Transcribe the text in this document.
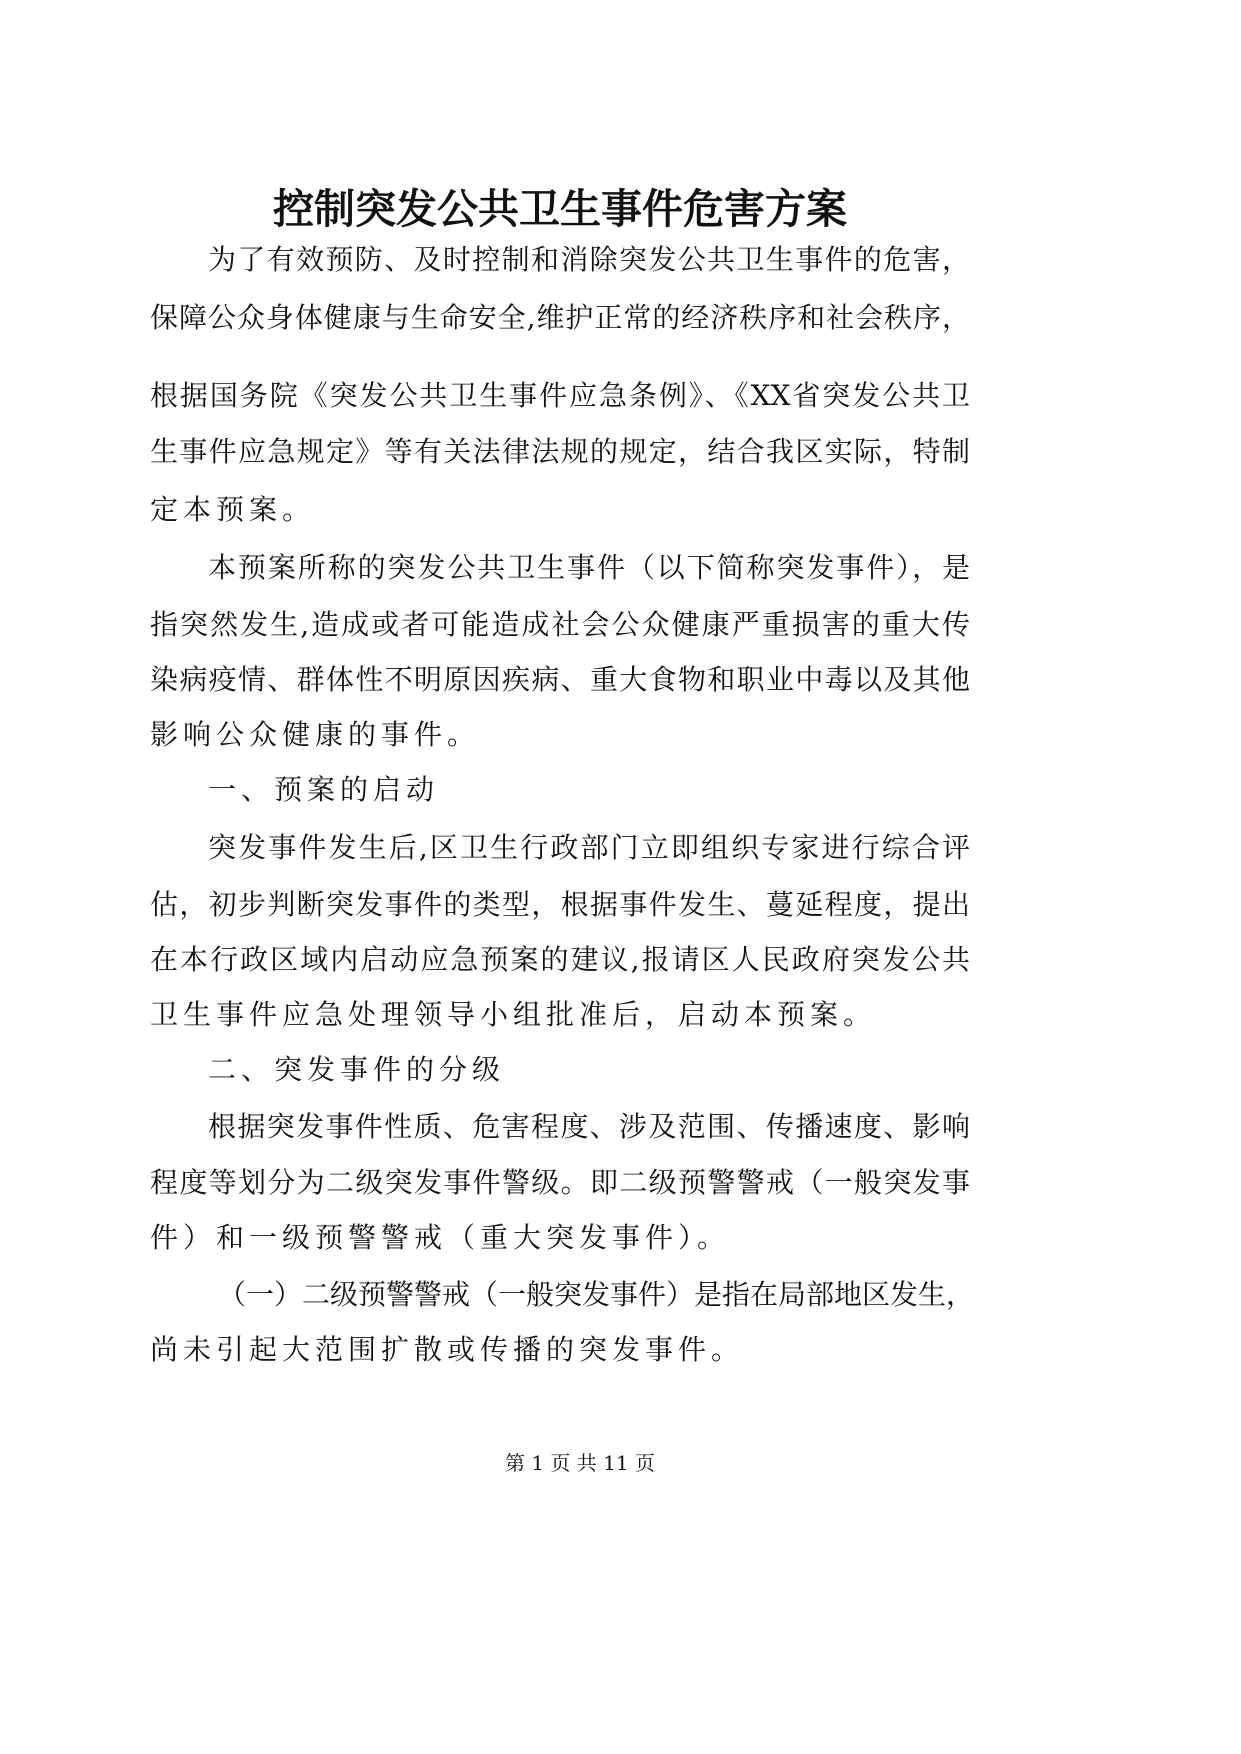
控制突发公共卫生事件危害方案
为了有效预防、及时控制和消除突发公共卫生事件的危害，
保障公众身体健康与生命安全,维护正常的经济秩序和社会秩序，
根据国务院《突发公共卫生事件应急条例》、《XX省突发公共卫
生事件应急规定》等有关法律法规的规定，结合我区实际，特制
定本预案。
本预案所称的突发公共卫生事件（以下简称突发事件），是
指突然发生,造成或者可能造成社会公众健康严重损害的重大传
染病疫情、群体性不明原因疾病、重大食物和职业中毒以及其他
影响公众健康的事件。
一、预案的启动
突发事件发生后,区卫生行政部门立即组织专家进行综合评
估，初步判断突发事件的类型，根据事件发生、蔓延程度，提出
在本行政区域内启动应急预案的建议,报请区人民政府突发公共
卫生事件应急处理领导小组批准后，启动本预案。
二、突发事件的分级
根据突发事件性质、危害程度、涉及范围、传播速度、影响
程度等划分为二级突发事件警级。即二级预警警戒（一般突发事
件）和一级预警警戒（重大突发事件）。
（一）二级预警警戒（一般突发事件）是指在局部地区发生，
尚未引起大范围扩散或传播的突发事件。
第 1 页 共 11 页
